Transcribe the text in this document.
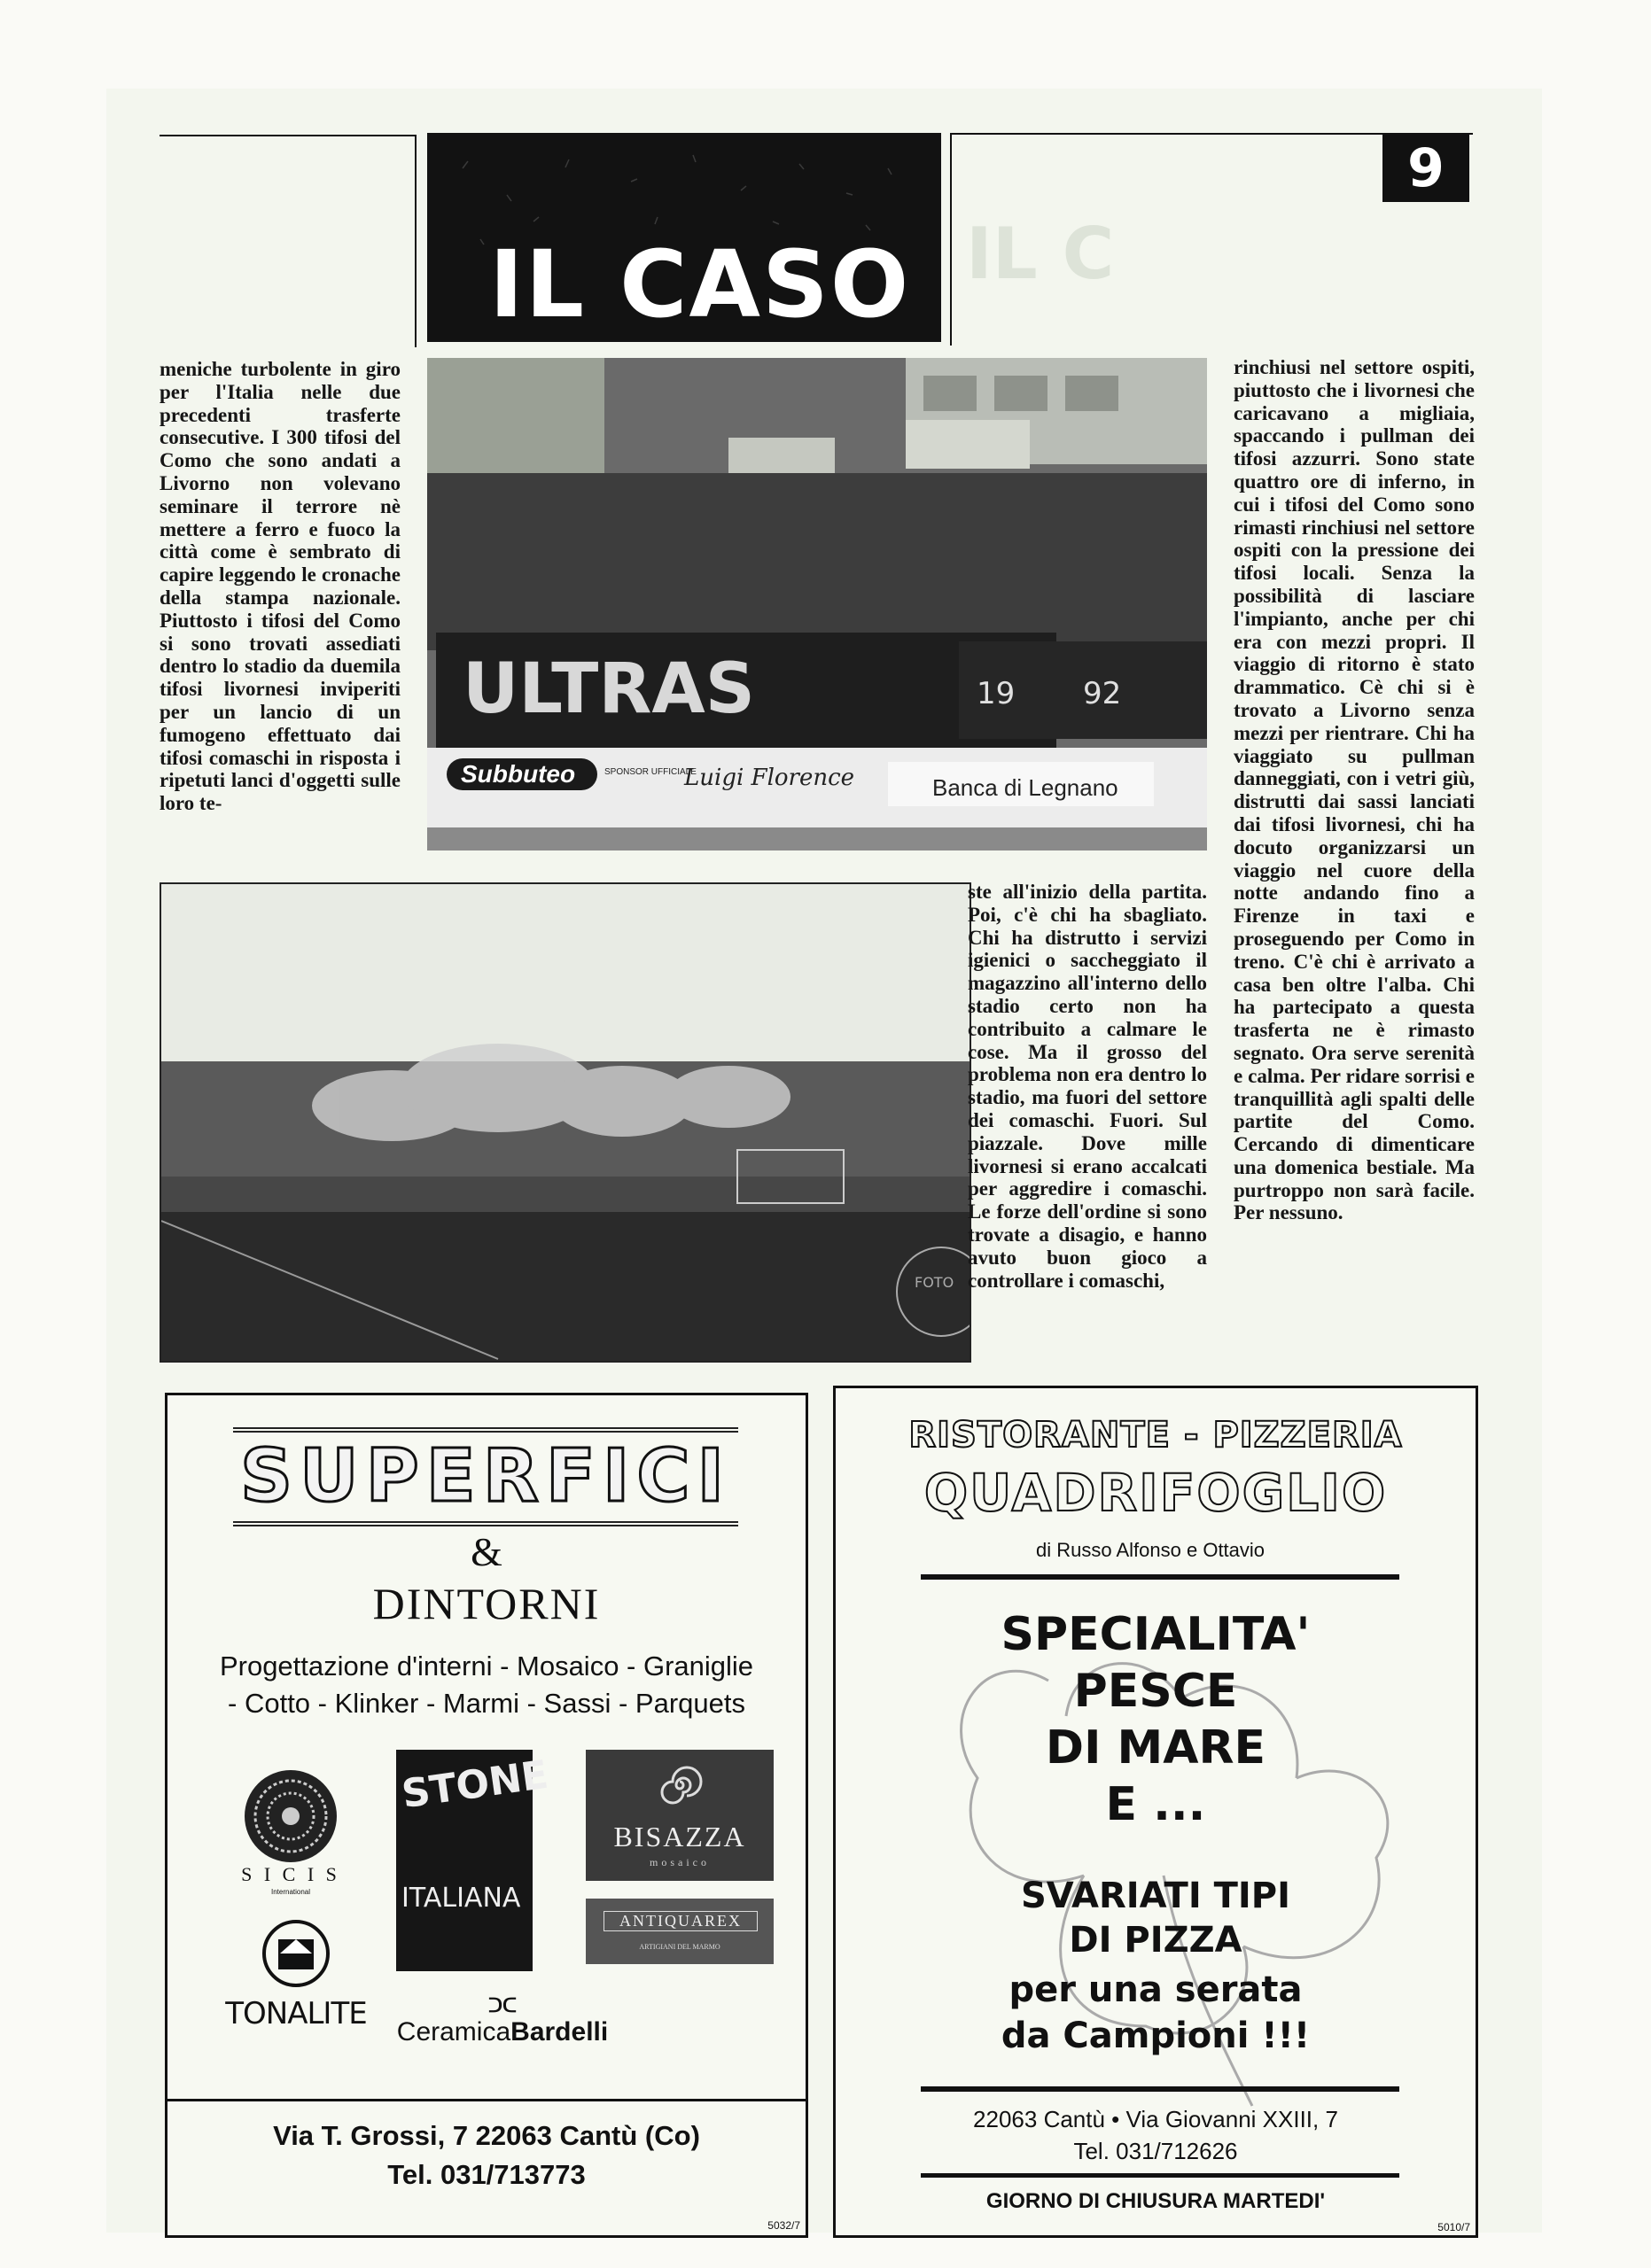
IL CASO
9
IL C
ULTRAS	19 92
Subbuteo	SPONSOR UFFICIALE
Luigi Florence	Banca di Legnano

meniche turbolente in giro per l'Italia nelle due precedenti trasferte consecutive. I 300 tifosi del Como che sono andati a Livorno non volevano seminare il terrore nè mettere a ferro e fuoco la città come è sembrato di capire leggendo le cronache della stampa nazionale. Piuttosto i tifosi del Como si sono trovati assediati dentro lo stadio da duemila tifosi livornesi inviperiti per un lancio di un fumogeno effettuato dai tifosi comaschi in risposta i ripetuti lanci d'oggetti sulle loro te-

rinchiusi nel settore ospiti, piuttosto che i livornesi che caricavano a migliaia, spaccando i pullman dei tifosi azzurri. Sono state quattro ore di inferno, in cui i tifosi del Como sono rimasti rinchiusi nel settore ospiti con la pressione dei tifosi locali. Senza la possibilità di lasciare l'impianto, anche per chi era con mezzi propri. Il viaggio di ritorno è stato drammatico. Cè chi si è trovato a Livorno senza mezzi per rientrare. Chi ha viaggiato su pullman danneggiati, con i vetri giù, distrutti dai sassi lanciati dai tifosi livornesi, chi ha docuto organizzarsi un viaggio nel cuore della notte andando fino a Firenze in taxi e proseguendo per Como in treno. C'è chi è arrivato a casa ben oltre l'alba. Chi ha partecipato a questa trasferta ne è rimasto segnato. Ora serve serenità e calma. Per ridare sorrisi e tranquillità agli spalti delle partite del Como. Cercando di dimenticare una domenica bestiale. Ma purtroppo non sarà facile. Per nessuno.

FOTO

ste all'inizio della partita. Poi, c'è chi ha sbagliato. Chi ha distrutto i servizi igienici o saccheggiato il magazzino all'interno dello stadio certo non ha contribuito a calmare le cose. Ma il grosso del problema non era dentro lo stadio, ma fuori del settore dei comaschi. Fuori. Sul piazzale. Dove mille livornesi si erano accalcati per aggredire i comaschi. Le forze dell'ordine si sono trovate a disagio, e hanno avuto buon gioco a controllare i comaschi,

SUPERFICI
&
DINTORNI
Progettazione d'interni - Mosaico - Graniglie
- Cotto - Klinker - Marmi - Sassi - Parquets
S I C I S
International
STONE
ITALIANA
BISAZZA
mosaico
ANTIQUAREX
ARTIGIANI DEL MARMO
TONALITE	ᑐᑕ
CeramicaBardelli
Via T. Grossi, 7 22063 Cantù (Co)
Tel. 031/713773
5032/7
RISTORANTE - PIZZERIA
QUADRIFOGLIO
di Russo Alfonso e Ottavio
SPECIALITA'
PESCE
DI MARE
E ...
SVARIATI TIPI
DI PIZZA
per una serata
da Campioni !!!
22063 Cantù • Via Giovanni XXIII, 7
Tel. 031/712626
GIORNO DI CHIUSURA MARTEDI'
5010/7
